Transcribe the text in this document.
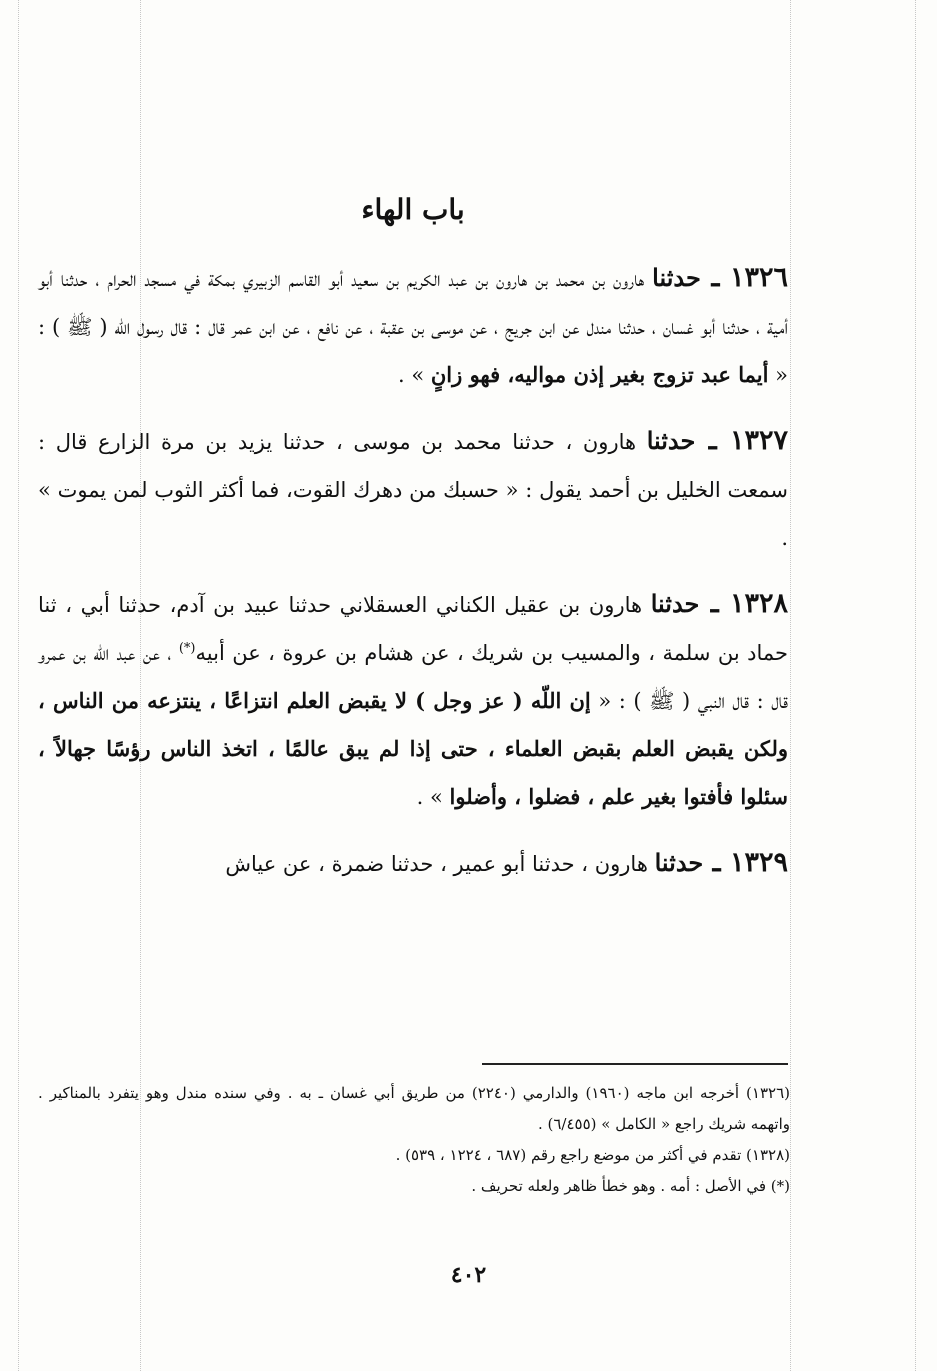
باب الهاء

١٣٢٦ ـ حدثنا هارون بن محمد بن هارون بن عبد الكريم بن سعيد أبو القاسم الزبيري بمكة في مسجد الحرام ، حدثنا أبو أمية ، حدثنا أبو غسان ، حدثنا مندل عن ابن جريج ، عن موسى بن عقبة ، عن نافع ، عن ابن عمر قال : قال رسول اللّه ( ﷺ ) : « أيما عبد تزوج بغير إذن مواليه، فهو زانٍ » .

١٣٢٧ ـ حدثنا هارون ، حدثنا محمد بن موسى ، حدثنا يزيد بن مرة الزارع قال : سمعت الخليل بن أحمد يقول : « حسبك من دهرك القوت، فما أكثر الثوب لمن يموت » .

١٣٢٨ ـ حدثنا هارون بن عقيل الكناني العسقلاني حدثنا عبيد بن آدم، حدثنا أبي ، ثنا حماد بن سلمة ، والمسيب بن شريك ، عن هشام بن عروة ، عن أبيه(*) ، عن عبد اللّه بن عمرو قال : قال النبي ( ﷺ ) : « إن اللّه ( عز وجل ) لا يقبض العلم انتزاعًا ، ينتزعه من الناس ، ولكن يقبض العلم بقبض العلماء ، حتى إذا لم يبق عالمًا ، اتخذ الناس رؤسًا جهالاً ، سئلوا فأفتوا بغير علم ، فضلوا ، وأضلوا » .

١٣٢٩ ـ حدثنا هارون ، حدثنا أبو عمير ، حدثنا ضمرة ، عن عياش

(١٣٢٦) أخرجه ابن ماجه (١٩٦٠) والدارمي (٢٢٤٠) من طريق أبي غسان ـ به . وفي سنده مندل وهو يتفرد بالمناكير . واتهمه شريك راجع « الكامل » (٦/٤٥٥) .

(١٣٢٨) تقدم في أكثر من موضع راجع رقم (٦٨٧ ، ١٢٢٤ ، ٥٣٩) .

(*) في الأصل : أمه . وهو خطأ ظاهر ولعله تحريف .

٤٠٢
